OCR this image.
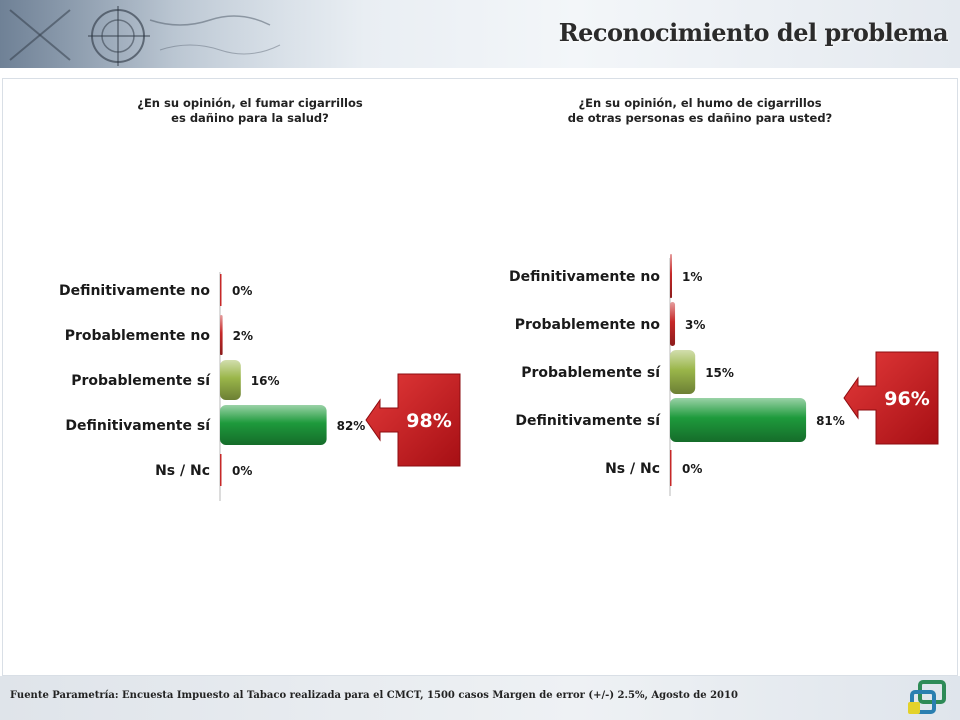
Reconocimiento del problema
¿En su opinión, el fumar cigarrillos
es dañino para la salud?
¿En su opinión, el humo de cigarrillos
de otras personas es dañino para usted?
Definitivamente no 0%
Probablemente no 2%
Probablemente sí	16%
Definitivamente sí	82%
Ns / Nc 0%
98%
Definitivamente no 1%
Probablemente no 3%
Probablemente sí	15%
Definitivamente sí	81%
Ns / Nc 0%
96%
Fuente Parametría: Encuesta Impuesto al Tabaco realizada para el CMCT, 1500 casos Margen de error (+/-) 2.5%, Agosto de 2010
